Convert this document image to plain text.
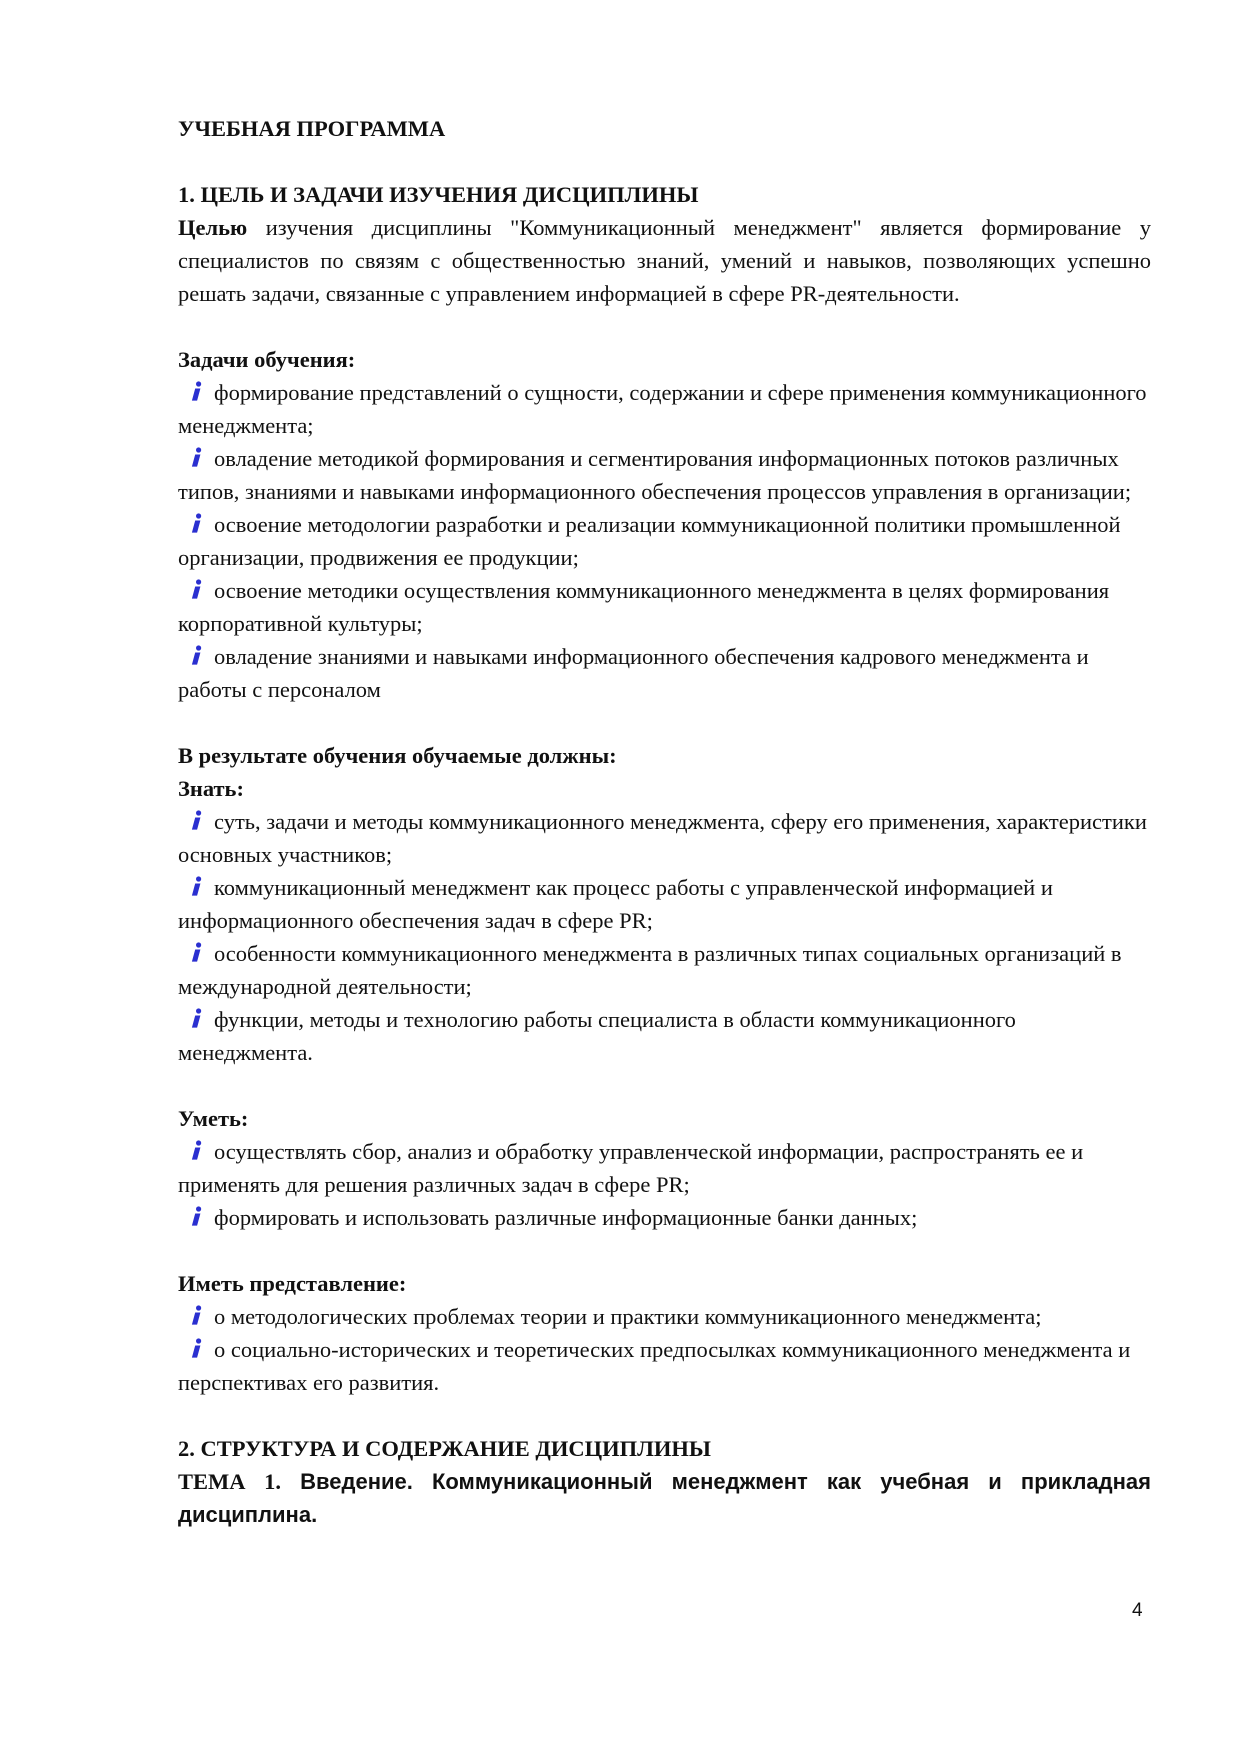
УЧЕБНАЯ ПРОГРАММА

1. ЦЕЛЬ И ЗАДАЧИ ИЗУЧЕНИЯ ДИСЦИПЛИНЫ

Целью изучения дисциплины "Коммуникационный менеджмент" является формирование у специалистов по связям с общественностью знаний, умений и навыков, позволяющих успешно решать задачи, связанные с управлением информацией в сфере PR-деятельности.

Задачи обучения:

формирование представлений о сущности, содержании и сфере применения коммуникационного менеджмента;

овладение методикой формирования и сегментирования информационных потоков различных типов, знаниями и навыками информационного обеспечения процессов управления в организации;

освоение методологии разработки и реализации коммуникационной политики промышленной организации, продвижения ее продукции;

освоение методики осуществления коммуникационного менеджмента в целях формирования корпоративной культуры;

овладение знаниями и навыками информационного обеспечения кадрового менеджмента и работы с персоналом

В результате обучения обучаемые должны:

Знать:

суть, задачи и методы коммуникационного менеджмента, сферу его применения, характеристики основных участников;

коммуникационный менеджмент как процесс работы с управленческой информацией и информационного обеспечения задач в сфере PR;

особенности коммуникационного менеджмента в различных типах социальных организаций в международной деятельности;

функции, методы и технологию работы специалиста в области коммуникационного менеджмента.

Уметь:

осуществлять сбор, анализ и обработку управленческой информации, распространять ее и применять для решения различных задач в сфере PR;

формировать и использовать различные информационные банки данных;

Иметь представление:

о методологических проблемах теории и практики коммуникационного менеджмента;

о социально-исторических и теоретических предпосылках коммуникационного менеджмента и перспективах его развития.

2. СТРУКТУРА И СОДЕРЖАНИЕ ДИСЦИПЛИНЫ

ТЕМА 1. Введение. Коммуникационный менеджмент как учебная и прикладная дисциплина.

4
